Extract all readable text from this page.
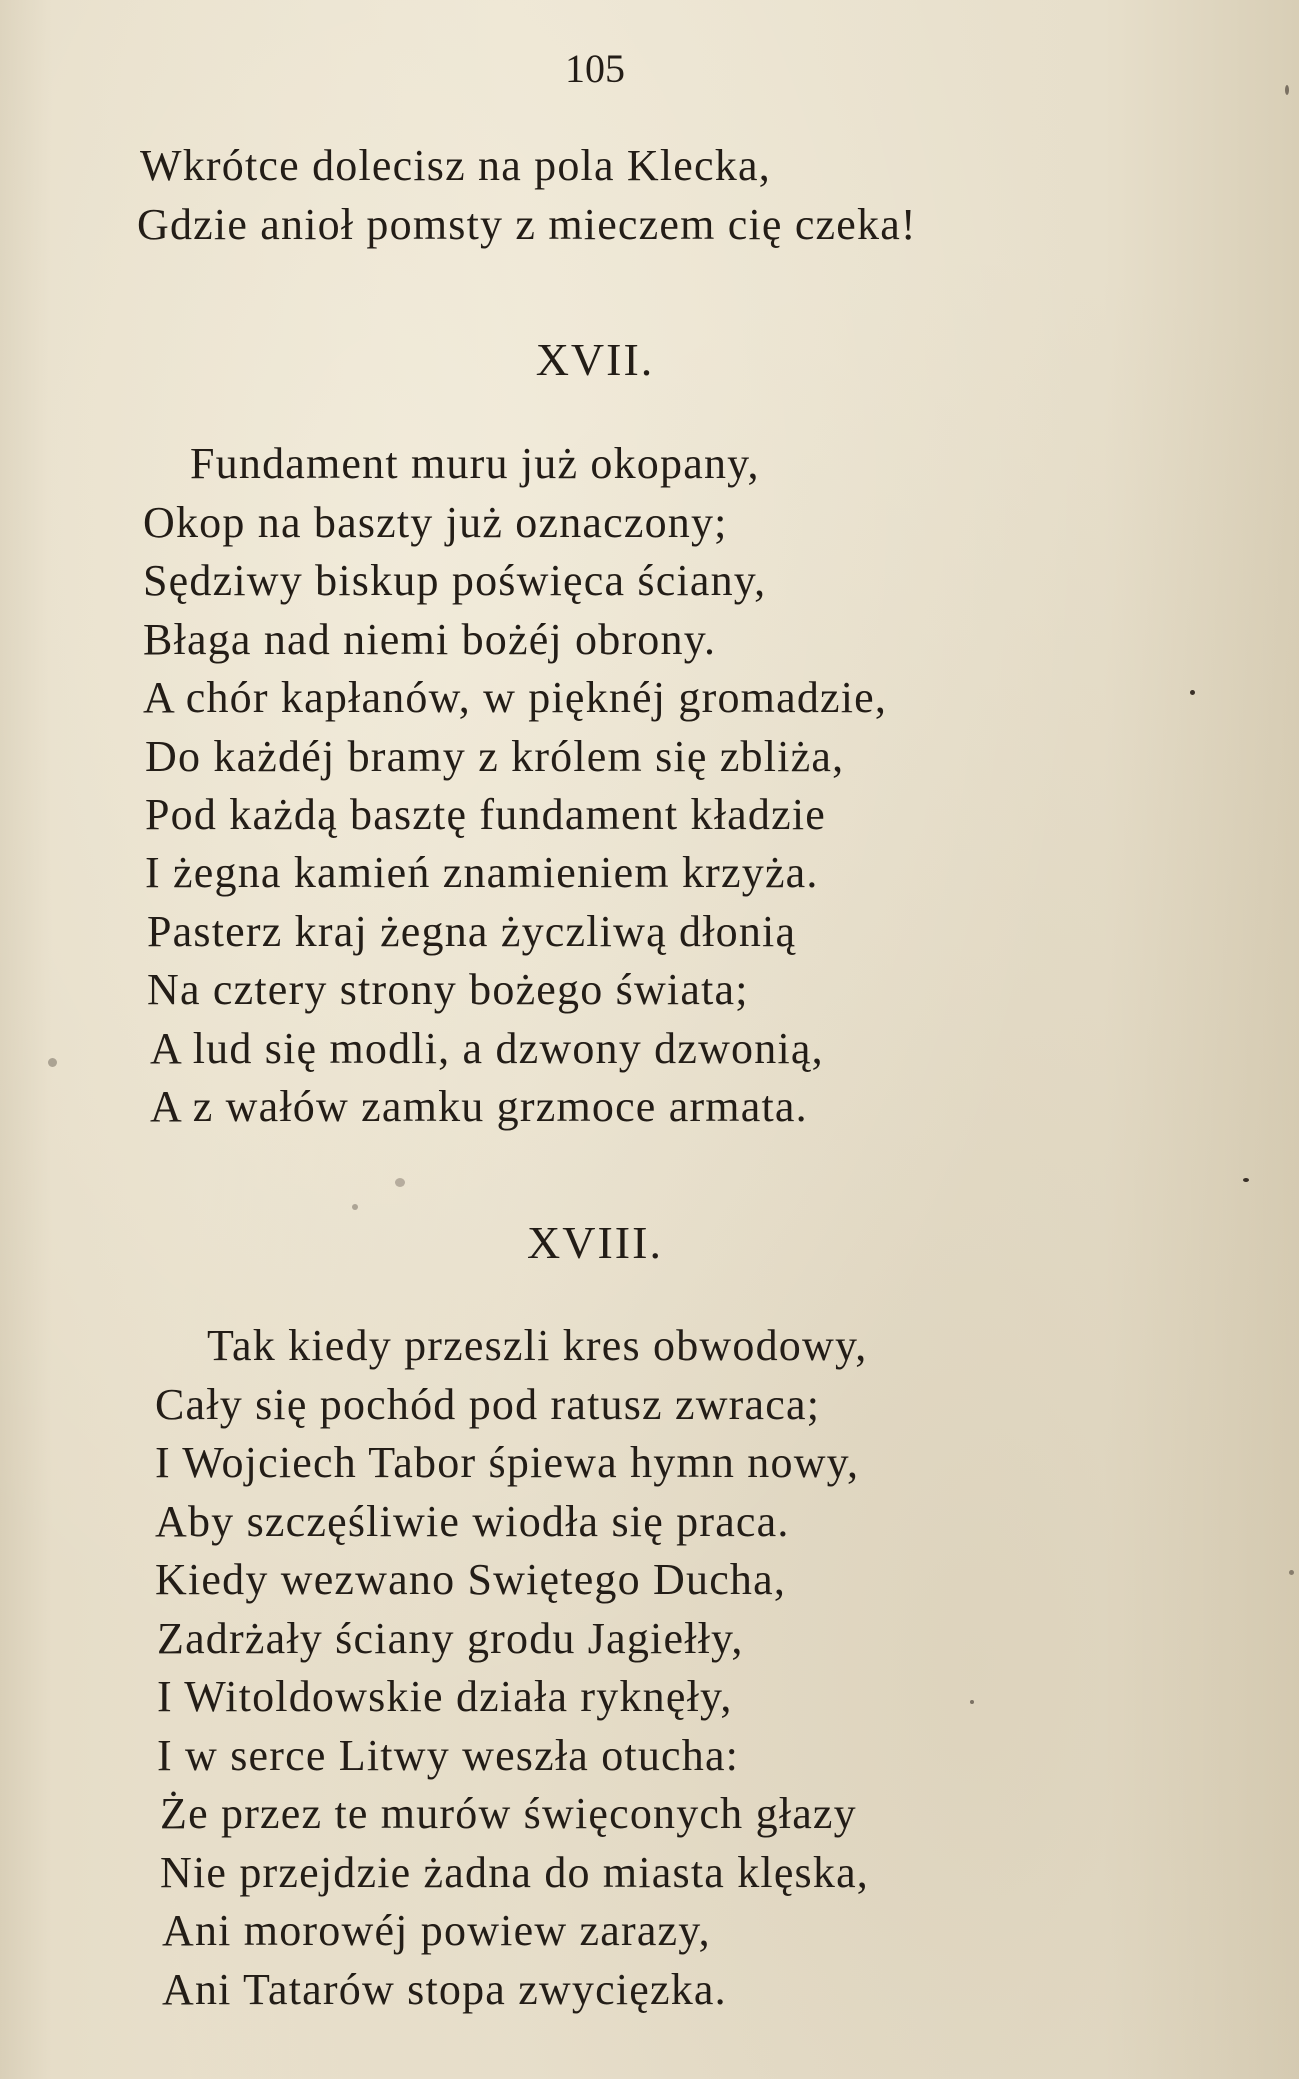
105
Wkrótce dolecisz na pola Klecka,
Gdzie anioł pomsty z mieczem cię czeka!
XVII.
Fundament muru już okopany,
Okop na baszty już oznaczony;
Sędziwy biskup poświęca ściany,
Błaga nad niemi bożéj obrony.
A chór kapłanów, w pięknéj gromadzie,
Do każdéj bramy z królem się zbliża,
Pod każdą basztę fundament kładzie
I żegna kamień znamieniem krzyża.
Pasterz kraj żegna życzliwą dłonią
Na cztery strony bożego świata;
A lud się modli, a dzwony dzwonią,
A z wałów zamku grzmoce armata.
XVIII.
Tak kiedy przeszli kres obwodowy,
Cały się pochód pod ratusz zwraca;
I Wojciech Tabor śpiewa hymn nowy,
Aby szczęśliwie wiodła się praca.
Kiedy wezwano Swiętego Ducha,
Zadrżały ściany grodu Jagiełły,
I Witoldowskie działa ryknęły,
I w serce Litwy weszła otucha:
Że przez te murów święconych głazy
Nie przejdzie żadna do miasta klęska,
Ani morowéj powiew zarazy,
Ani Tatarów stopa zwycięzka.
